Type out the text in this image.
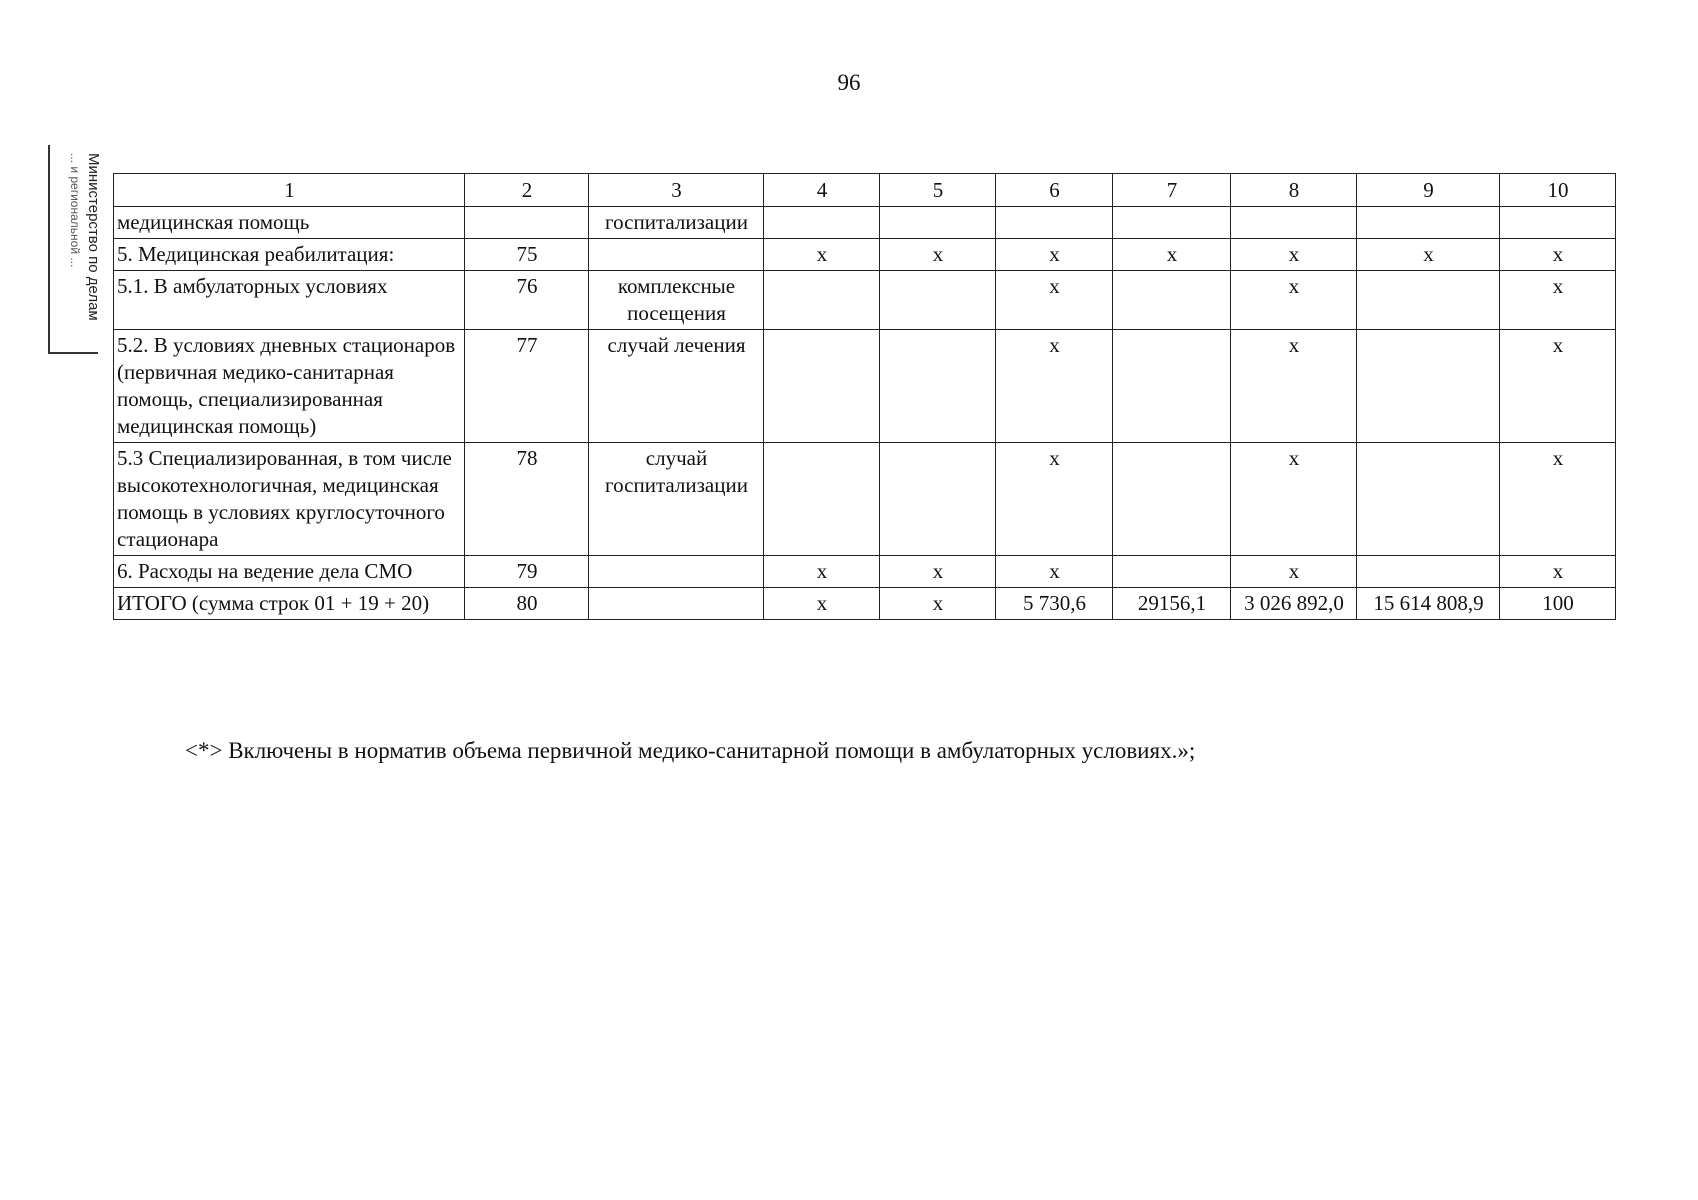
96
Министерство по делам
... и региональной ...	1	2	3	4	5	6	7	8	9	10
медицинская помощь		госпитализации							
5. Медицинская реабилитация:	75		х	х	х	х	х	х	х
5.1. В амбулаторных условиях	76	комплексные посещения			х		х		х
5.2. В условиях дневных стационаров (первичная медико-санитарная помощь, специализированная медицинская помощь)	77	случай лечения			х		х		х
5.3 Специализированная, в том числе высокотехнологичная, медицинская помощь в условиях круглосуточного стационара	78	случай госпитализации			х		х		х
6. Расходы на ведение дела СМО	79		х	х	х		х		х
ИТОГО (сумма строк 01 + 19 + 20)	80		х	х	5 730,6	29156,1	3 026 892,0	15 614 808,9	100
<*> Включены в норматив объема первичной медико-санитарной помощи в амбулаторных условиях.»;
